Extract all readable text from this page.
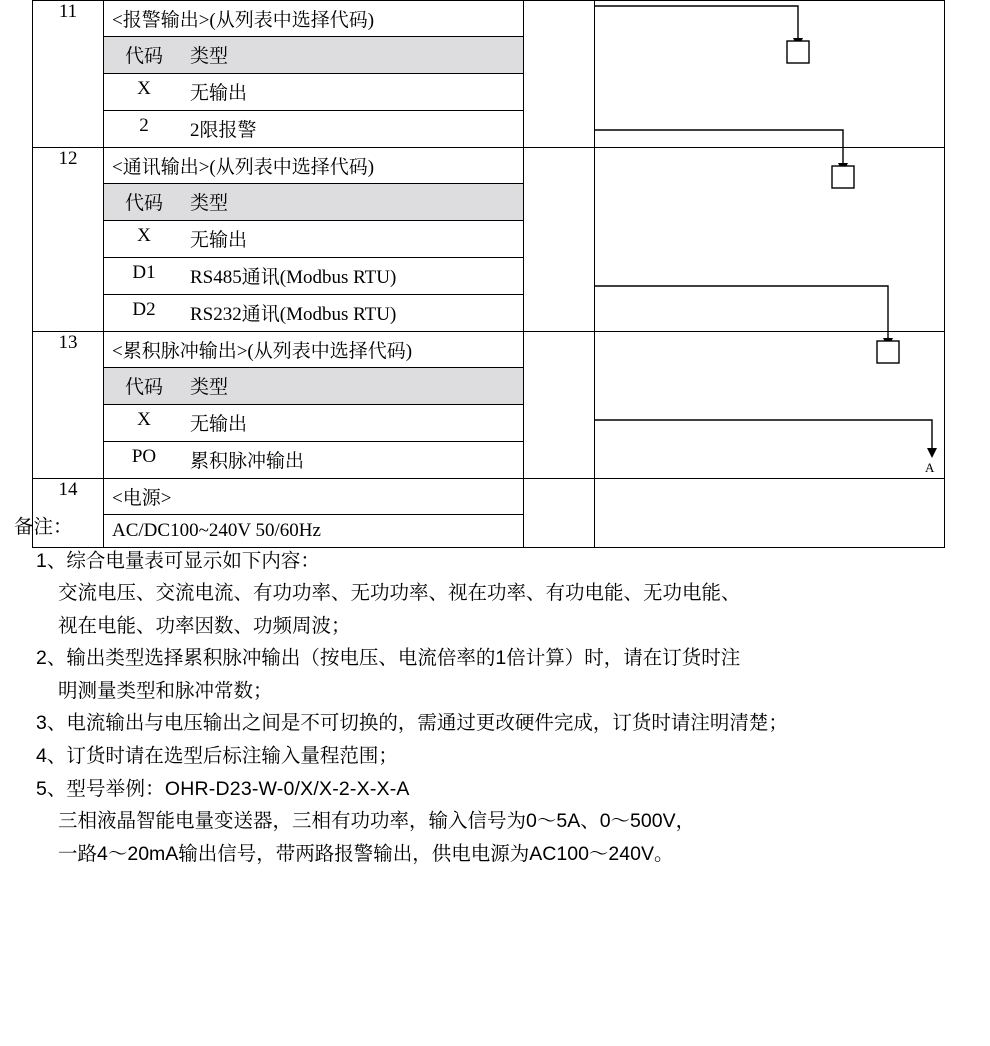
11	<报警输出>(从列表中选择代码)
代码	类型
X	无输出
2	2限报警

12	<通讯输出>(从列表中选择代码)
代码	类型
X	无输出
D1	RS485通讯(Modbus RTU)
D2	RS232通讯(Modbus RTU)

13	<累积脉冲输出>(从列表中选择代码)
代码	类型
X	无输出
PO	累积脉冲输出

14	<电源>
AC/DC100~240V 50/60Hz

A
备注：
1、综合电量表可显示如下内容：
交流电压、交流电流、有功功率、无功功率、视在功率、有功电能、无功电能、
视在电能、功率因数、功频周波；
2、输出类型选择累积脉冲输出（按电压、电流倍率的1倍计算）时，请在订货时注
明测量类型和脉冲常数；
3、电流输出与电压输出之间是不可切换的，需通过更改硬件完成，订货时请注明清楚；
4、订货时请在选型后标注输入量程范围；
5、型号举例：OHR-D23-W-0/X/X-2-X-X-A
三相液晶智能电量变送器，三相有功功率，输入信号为0～5A、0～500V，
一路4～20mA输出信号，带两路报警输出，供电电源为AC100～240V。
